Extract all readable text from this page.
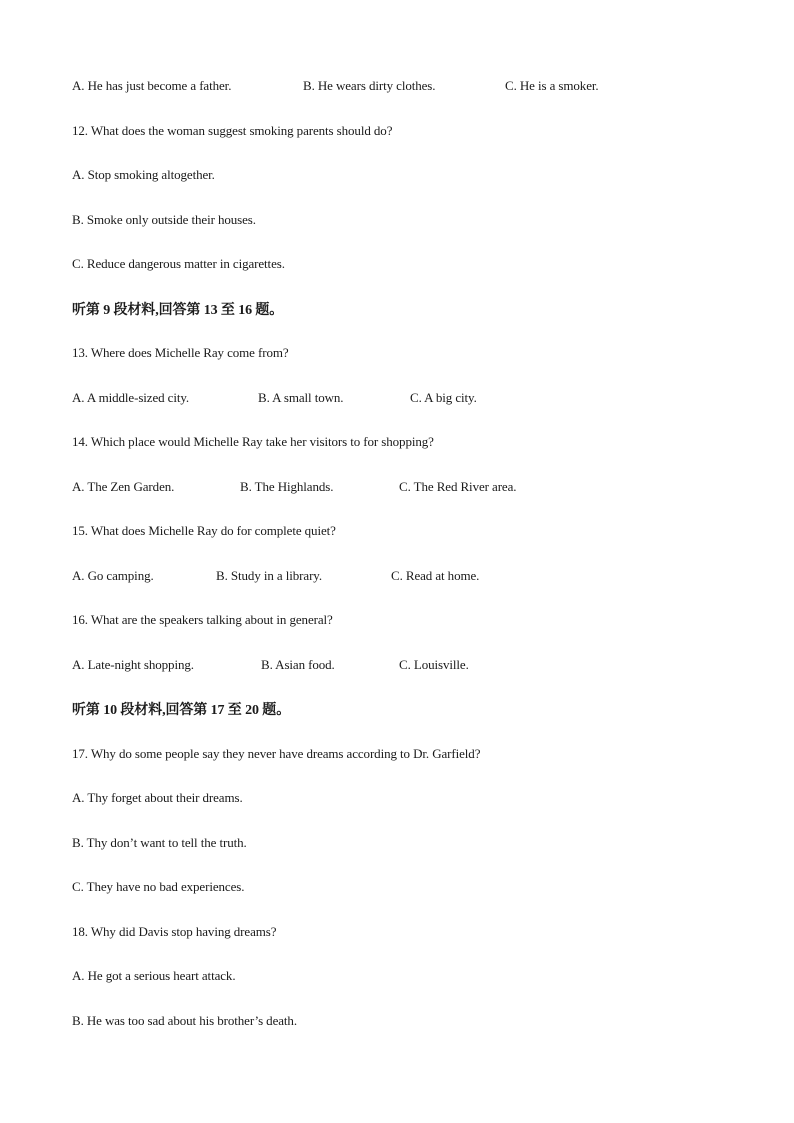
A. He has just become a father.	B. He wears dirty clothes.	C. He is a smoker.
12. What does the woman suggest smoking parents should do?
A. Stop smoking altogether.
B. Smoke only outside their houses.
C. Reduce dangerous matter in cigarettes.
听第 9 段材料,回答第 13 至 16 题。
13. Where does Michelle Ray come from?
A. A middle-sized city.	B. A small town.	C. A big city.
14. Which place would Michelle Ray take her visitors to for shopping?
A. The Zen Garden.	B. The Highlands.	C. The Red River area.
15. What does Michelle Ray do for complete quiet?
A. Go camping.	B. Study in a library.	C. Read at home.
16. What are the speakers talking about in general?
A. Late-night shopping.	B. Asian food.	C. Louisville.
听第 10 段材料,回答第 17 至 20 题。
17. Why do some people say they never have dreams according to Dr. Garfield?
A. Thy forget about their dreams.
B. Thy don’t want to tell the truth.
C. They have no bad experiences.
18. Why did Davis stop having dreams?
A. He got a serious heart attack.
B. He was too sad about his brother’s death.
